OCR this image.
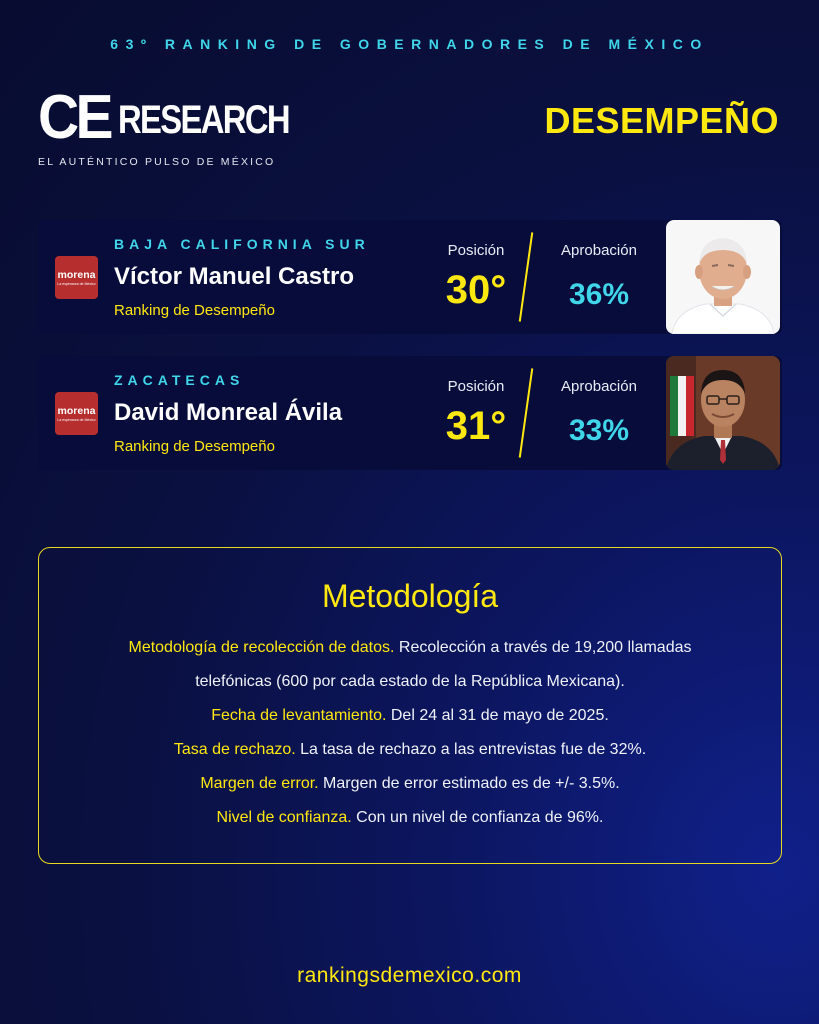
63º RANKING DE GOBERNADORES DE MÉXICO
CE RESEARCH
EL AUTÉNTICO PULSO DE MÉXICO
DESEMPEÑO
morena
La esperanza de México
BAJA CALIFORNIA SUR
Víctor Manuel Castro
Ranking de Desempeño
Posición
30°
Aprobación
36%
morena
La esperanza de México
ZACATECAS
David Monreal Ávila
Ranking de Desempeño
Posición
31°
Aprobación
33%
Metodología
Metodología de recolección de datos. Recolección a través de 19,200 llamadas
telefónicas (600 por cada estado de la República Mexicana).
Fecha de levantamiento. Del 24 al 31 de mayo de 2025.
Tasa de rechazo. La tasa de rechazo a las entrevistas fue de 32%.
Margen de error. Margen de error estimado es de +/- 3.5%.
Nivel de confianza. Con un nivel de confianza de 96%.
rankingsdemexico.com
